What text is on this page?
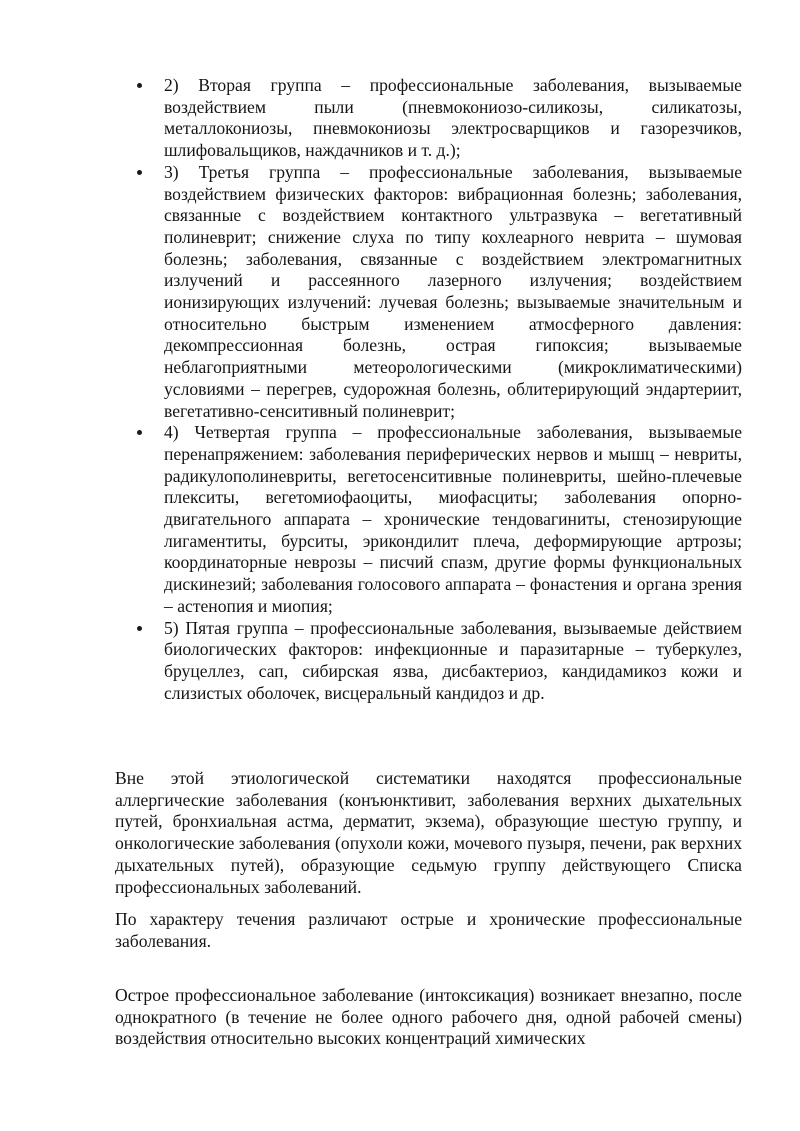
2) Вторая группа – профессиональные заболевания, вызываемые воздействием пыли (пневмокониозо-силикозы, силикатозы, металлокониозы, пневмокониозы электросварщиков и газорезчиков, шлифовальщиков, наждачников и т. д.);
3) Третья группа – профессиональные заболевания, вызываемые воздействием физических факторов: вибрационная болезнь; заболевания, связанные с воздействием контактного ультразвука – вегетативный полиневрит; снижение слуха по типу кохлеарного неврита – шумовая болезнь; заболевания, связанные с воздействием электромагнитных излучений и рассеянного лазерного излучения; воздействием ионизирующих излучений: лучевая болезнь; вызываемые значительным и относительно быстрым изменением атмосферного давления: декомпрессионная болезнь, острая гипоксия; вызываемые неблагоприятными метеорологическими (микроклиматическими) условиями – перегрев, судорожная болезнь, облитерирующий эндартериит, вегетативно-сенситивный полиневрит;
4) Четвертая группа – профессиональные заболевания, вызываемые перенапряжением: заболевания периферических нервов и мышц – невриты, радикулополиневриты, вегетосенситивные полиневриты, шейно-плечевые плекситы, вегетомиофаоциты, миофасциты; заболевания опорно-двигательного аппарата – хронические тендовагиниты, стенозирующие лигаментиты, бурситы, эрикондилит плеча, деформирующие артрозы; координаторные неврозы – писчий спазм, другие формы функциональных дискинезий; заболевания голосового аппарата – фонастения и органа зрения – астенопия и миопия;
5) Пятая группа – профессиональные заболевания, вызываемые действием биологических факторов: инфекционные и паразитарные – туберкулез, бруцеллез, сап, сибирская язва, дисбактериоз, кандидамикоз кожи и слизистых оболочек, висцеральный кандидоз и др.

Вне этой этиологической систематики находятся профессиональные аллергические заболевания (конъюнктивит, заболевания верхних дыхательных путей, бронхиальная астма, дерматит, экзема), образующие шестую группу, и онкологические заболевания (опухоли кожи, мочевого пузыря, печени, рак верхних дыхательных путей), образующие седьмую группу действующего Списка профессиональных заболеваний.

По характеру течения различают острые и хронические профессиональные заболевания.

Острое профессиональное заболевание (интоксикация) возникает внезапно, после однократного (в течение не более одного рабочего дня, одной рабочей смены) воздействия относительно высоких концентраций химических
